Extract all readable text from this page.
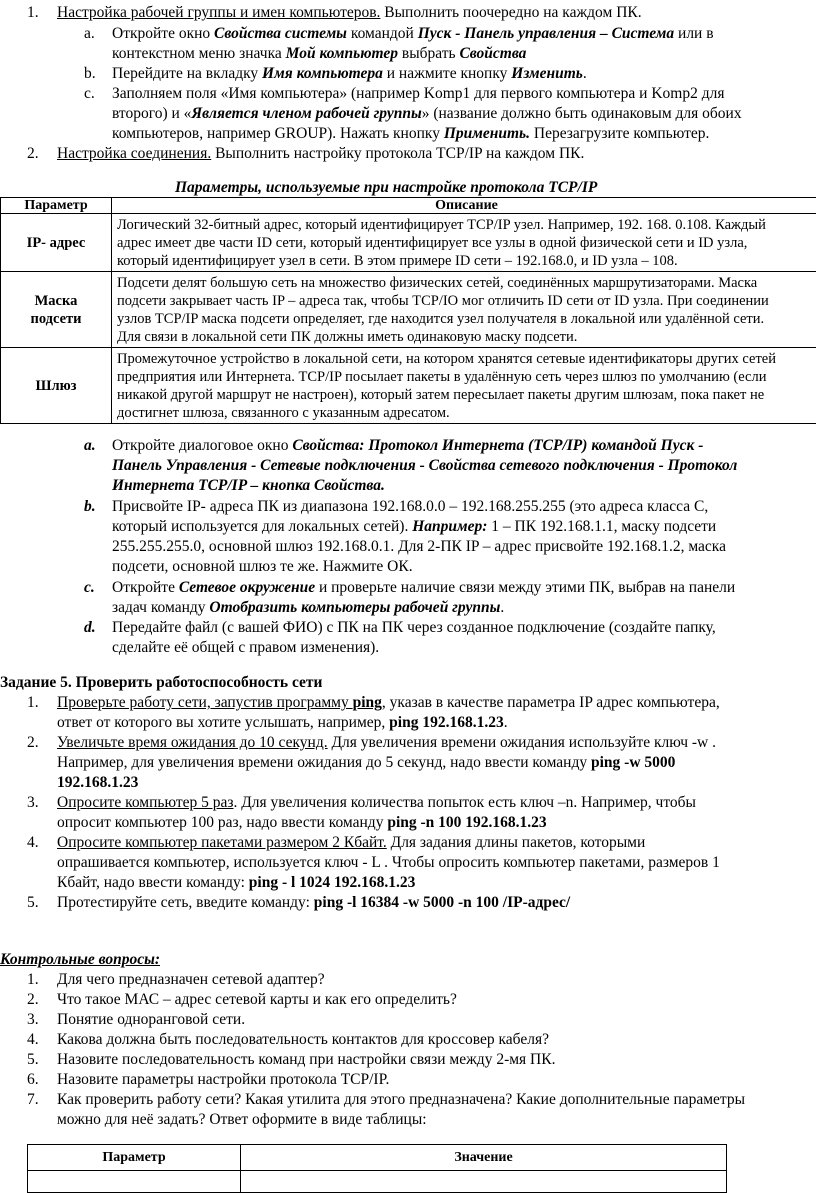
1. Настройка рабочей группы и имен компьютеров. Выполнить поочередно на каждом ПК.
a. Откройте окно Свойства системы командой Пуск - Панель управления – Система или в
контекстном меню значка Мой компьютер выбрать Свойства
b. Перейдите на вкладку Имя компьютера и нажмите кнопку Изменить.
c. Заполняем поля «Имя компьютера» (например Komp1 для первого компьютера и Komp2 для
второго) и «Является членом рабочей группы» (название должно быть одинаковым для обоих
компьютеров, например GROUP). Нажать кнопку Применить. Перезагрузите компьютер.
2. Настройка соединения. Выполнить настройку протокола TCP/IP на каждом ПК.
Параметры, используемые при настройке протокола TCP/IP
Параметр	Описание
IP- адрес	Логический 32-битный адрес, который идентифицирует TCP/IP узел. Например, 192. 168. 0.108. Каждый
адрес имеет две части ID сети, который идентифицирует все узлы в одной физической сети и ID узла,
который идентифицирует узел в сети. В этом примере ID сети – 192.168.0, и ID узла – 108.

Маска подсети	Подсети делят большую сеть на множество физических сетей, соединённых маршрутизаторами. Маска
подсети закрывает часть IP – адреса так, чтобы TCP/IO мог отличить ID сети от ID узла. При соединении
узлов TCP/IP маска подсети определяет, где находится узел получателя в локальной или удалённой сети.
Для связи в локальной сети ПК должны иметь одинаковую маску подсети.

Шлюз	Промежуточное устройство в локальной сети, на котором хранятся сетевые идентификаторы других сетей
предприятия или Интернета. TCP/IP посылает пакеты в удалённую сеть через шлюз по умолчанию (если
никакой другой маршрут не настроен), который затем пересылает пакеты другим шлюзам, пока пакет не
достигнет шлюза, связанного с указанным адресатом.
a. Откройте диалоговое окно Свойства: Протокол Интернета (TCP/IP) командой Пуск -
Панель Управления - Сетевые подключения - Свойства сетевого подключения - Протокол
Интернета TCP/IP – кнопка Свойства.
b. Присвойте IP- адреса ПК из диапазона 192.168.0.0 – 192.168.255.255 (это адреса класса С,
который используется для локальных сетей). Например: 1 – ПК 192.168.1.1, маску подсети
255.255.255.0, основной шлюз 192.168.0.1. Для 2-ПК IP – адрес присвойте 192.168.1.2, маска
подсети, основной шлюз те же. Нажмите ОК.
c. Откройте Сетевое окружение и проверьте наличие связи между этими ПК, выбрав на панели
задач команду Отобразить компьютеры рабочей группы.
d. Передайте файл (с вашей ФИО) с ПК на ПК через созданное подключение (создайте папку,
сделайте её общей с правом изменения).
Задание 5. Проверить работоспособность сети
1. Проверьте работу сети, запустив программу ping, указав в качестве параметра IP адрес компьютера,
ответ от которого вы хотите услышать, например, ping 192.168.1.23.
2. Увеличьте время ожидания до 10 секунд. Для увеличения времени ожидания используйте ключ -w .
Например, для увеличения времени ожидания до 5 секунд, надо ввести команду ping -w 5000
192.168.1.23
3. Опросите компьютер 5 раз. Для увеличения количества попыток есть ключ –n. Например, чтобы
опросит компьютер 100 раз, надо ввести команду ping -n 100 192.168.1.23
4. Опросите компьютер пакетами размером 2 Кбайт. Для задания длины пакетов, которыми
опрашивается компьютер, используется ключ - L . Чтобы опросить компьютер пакетами, размеров 1
Кбайт, надо ввести команду: ping - l 1024 192.168.1.23
5. Протестируйте сеть, введите команду: ping -l 16384 -w 5000 -n 100 /IP-адрес/
Контрольные вопросы:
1. Для чего предназначен сетевой адаптер?
2. Что такое МАС – адрес сетевой карты и как его определить?
3. Понятие одноранговой сети.
4. Какова должна быть последовательность контактов для кроссовер кабеля?
5. Назовите последовательность команд при настройки связи между 2-мя ПК.
6. Назовите параметры настройки протокола TCP/IP.
7. Как проверить работу сети? Какая утилита для этого предназначена? Какие дополнительные параметры
можно для неё задать? Ответ оформите в виде таблицы:
Параметр	Значение
